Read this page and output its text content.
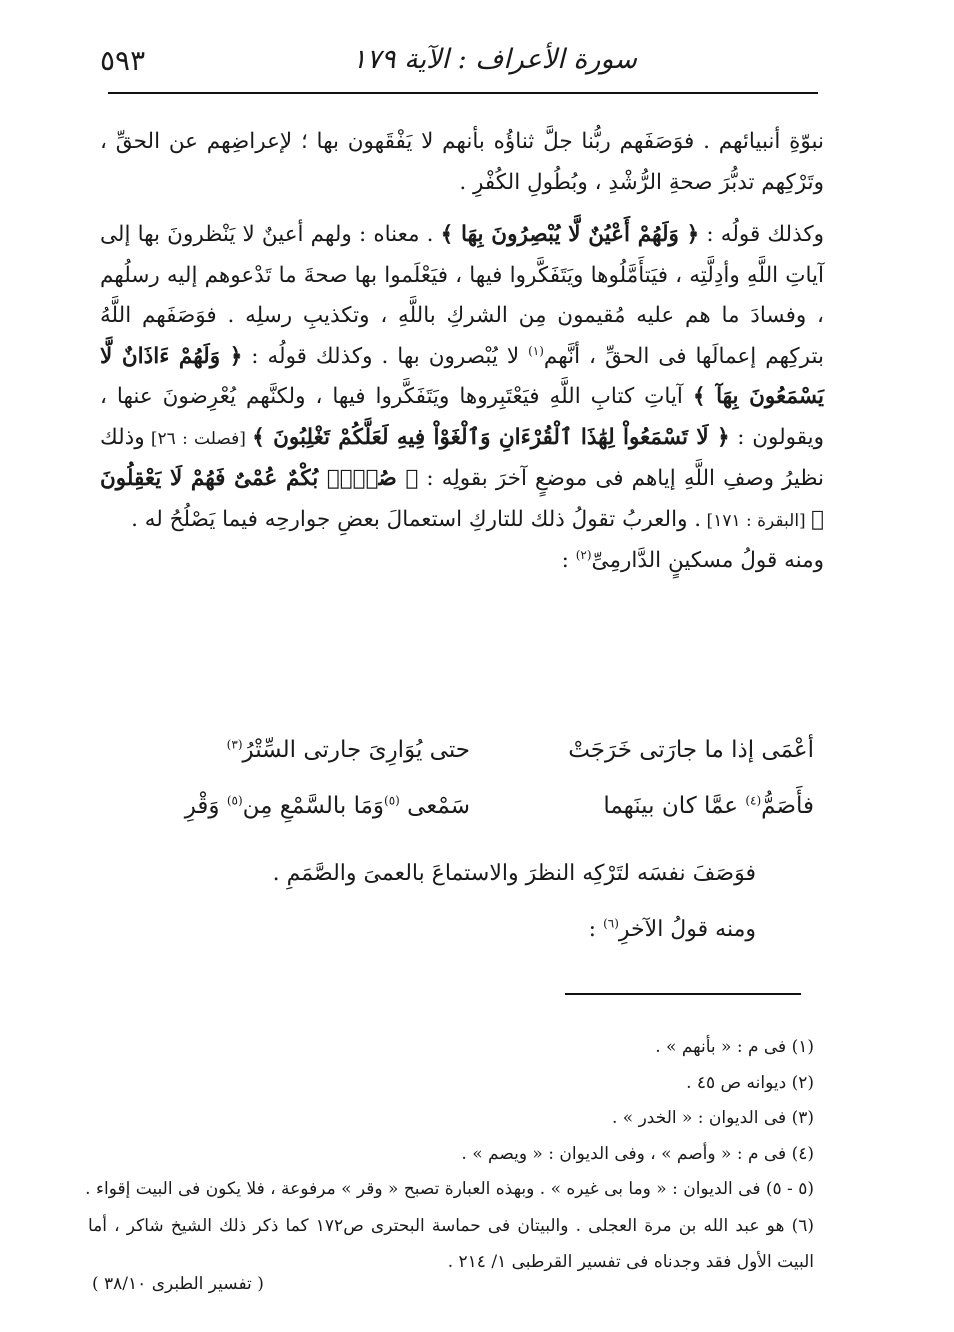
سورة الأعراف : الآية ١٧٩
٥٩٣

نبوّةِ أنبيائهم . فوَصَفَهم ربُّنا جلَّ ثناؤُه بأنهم لا يَفْقَهون بها ؛ لإعراضِهم عن الحقِّ ، وتَرْكِهم تدبُّرَ صحةِ الرُّشْدِ ، وبُطُولِ الكُفْرِ .

وكذلك قولُه : ﴿ وَلَهُمْ أَعْيُنٌ لَّا يُبْصِرُونَ بِهَا ﴾ . معناه : ولهم أعينٌ لا يَنْظرونَ بها إلى آياتِ اللَّهِ وأدِلَّتِه ، فيَتأَمَّلُوها ويَتَفَكَّروا فيها ، فيَعْلَموا بها صحةَ ما تَدْعوهم إليه رسلُهم ، وفسادَ ما هم عليه مُقيمون مِن الشركِ باللَّهِ ، وتكذيبِ رسلِه . فوَصَفَهم اللَّهُ بتركِهم إعمالَها فى الحقِّ ، أنَّهم$^{(١)}$ لا يُبْصرون بها . وكذلك قولُه : ﴿ وَلَهُمْ ءَاذَانٌ لَّا يَسْمَعُونَ بِهَآ ﴾ آياتِ كتابِ اللَّهِ فيَعْتَبِروها ويَتَفَكَّروا فيها ، ولكنَّهم يُعْرِضونَ عنها ، ويقولون : ﴿ لَا تَسْمَعُواْ لِهَٰذَا ٱلْقُرْءَانِ وَٱلْغَوْاْ فِيهِ لَعَلَّكُمْ تَغْلِبُونَ ﴾ [فصلت : ٢٦] وذلك نظيرُ وصفِ اللَّهِ إياهم فى موضعٍ آخرَ بقولِه : ﴿ صُمٌّۢ بُكْمٌ عُمْىٌ فَهُمْ لَا يَعْقِلُونَ ﴾ [البقرة : ١٧١] . والعربُ تقولُ ذلك للتاركِ استعمالَ بعضِ جوارحِه فيما يَصْلُحُ له .

ومنه قولُ مسكينٍ الدَّارمِىِّ$^{(٢)}$ :

أعْمَى إذا ما جارَتى خَرَجَتْ
حتى يُوَارِىَ جارتى السِّتْرُ$^{(٣)}$
فأَصَمُّ$^{(٤)}$ عمَّا كان بينَهما
سَمْعى $^{(٥)}$وَمَا بالسَّمْعِ مِن$^{(٥)}$ وَقْرِ

فوَصَفَ نفسَه لتَرْكِه النظرَ والاستماعَ بالعمىَ والصَّمَمِ .

ومنه قولُ الآخرِ$^{(٦)}$ :

(١) فى م : « بأنهم » .
(٢) ديوانه ص ٤٥ .
(٣) فى الديوان : « الخدر » .
(٤) فى م : « وأصم » ، وفى الديوان : « ويصم » .
(٥ - ٥) فى الديوان : « وما بى غيره » . وبهذه العبارة تصبح « وقر » مرفوعة ، فلا يكون فى البيت إقواء .
(٦) هو عبد الله بن مرة العجلى . والبيتان فى حماسة البحترى ص١٧٢ كما ذكر ذلك الشيخ شاكر ، أما البيت الأول فقد وجدناه فى تفسير القرطبى ١/ ٢١٤ .
( تفسير الطبرى ٣٨/١٠ )
